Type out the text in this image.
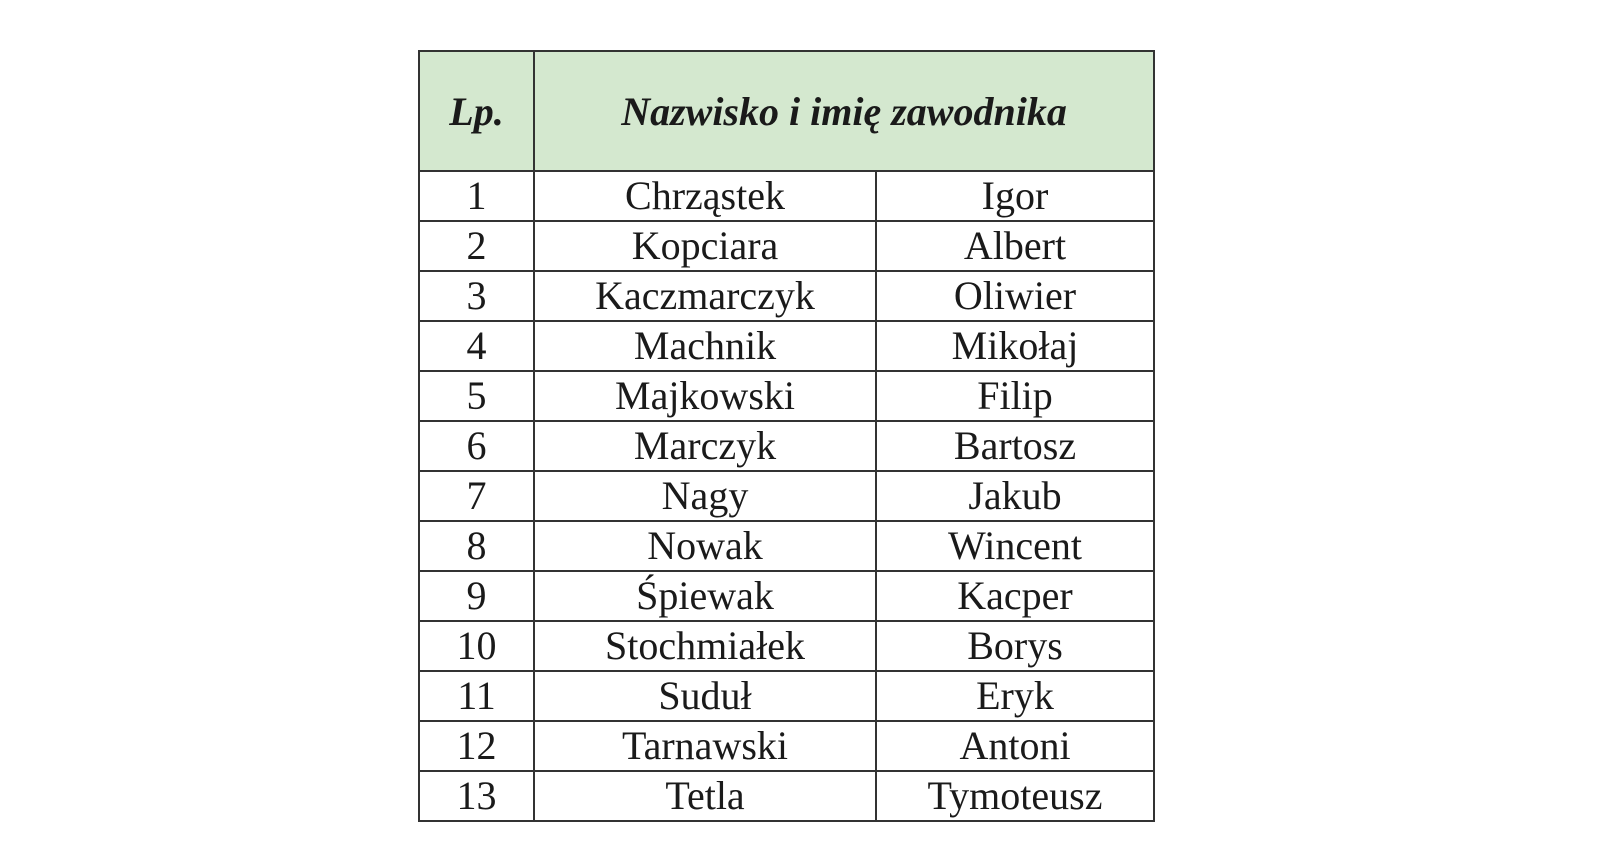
Lp.	Nazwisko i imię zawodnika	
1	Chrząstek	Igor
2	Kopciara	Albert
3	Kaczmarczyk	Oliwier
4	Machnik	Mikołaj
5	Majkowski	Filip
6	Marczyk	Bartosz
7	Nagy	Jakub
8	Nowak	Wincent
9	Śpiewak	Kacper
10	Stochmiałek	Borys
11	Suduł	Eryk
12	Tarnawski	Antoni
13	Tetla	Tymoteusz
